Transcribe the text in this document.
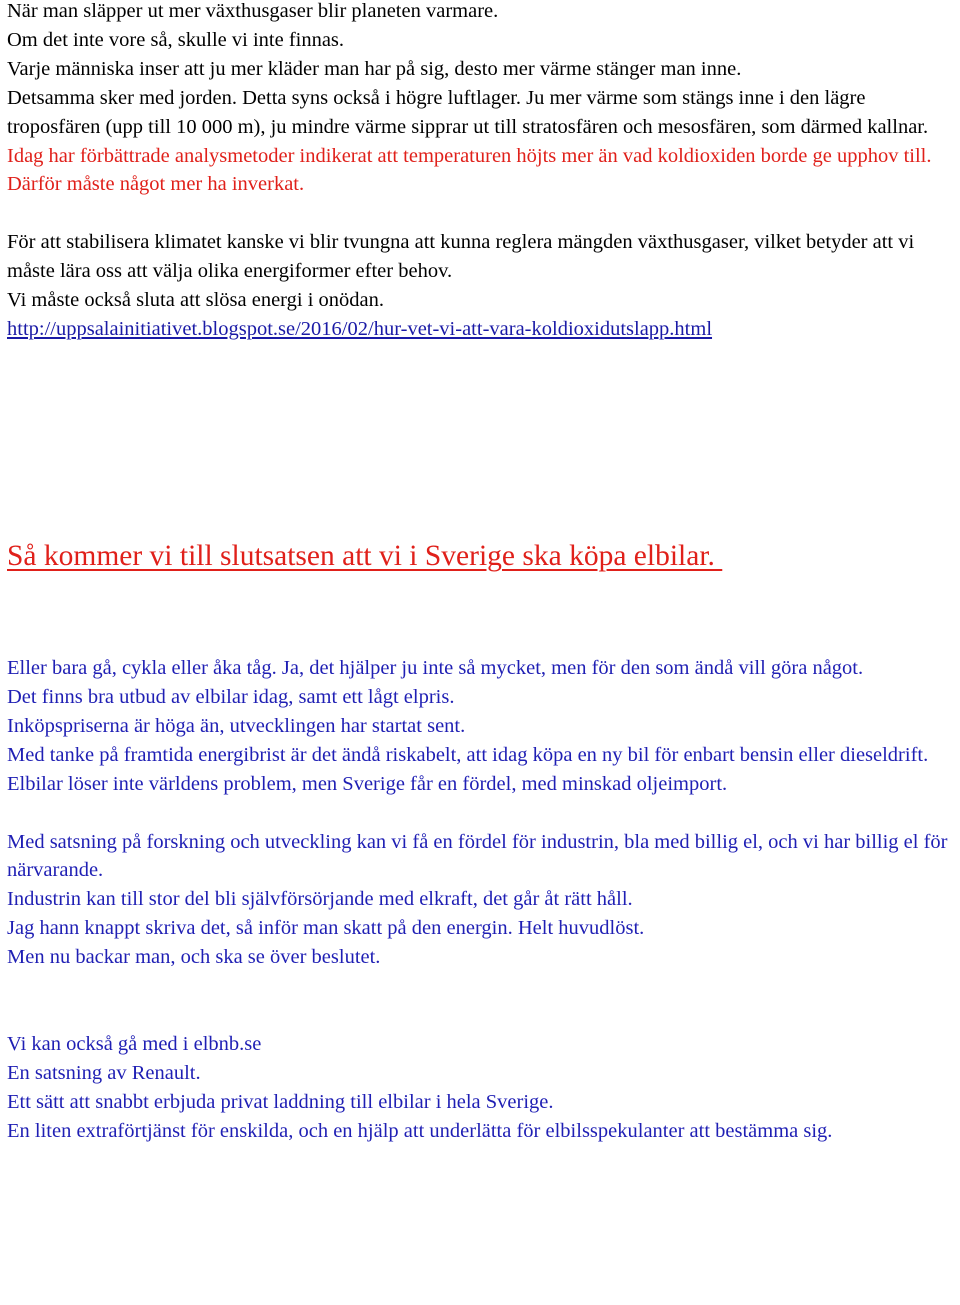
När man släpper ut mer växthusgaser blir planeten varmare.
Om det inte vore så, skulle vi inte finnas.
Varje människa inser att ju mer kläder man har på sig, desto mer värme stänger man inne.
Detsamma sker med jorden. Detta syns också i högre luftlager. Ju mer värme som stängs inne i den lägre troposfären (upp till 10 000 m), ju mindre värme sipprar ut till stratosfären och mesosfären, som därmed kallnar.
Idag har förbättrade analysmetoder indikerat att temperaturen höjts mer än vad koldioxiden borde ge upphov till.
Därför måste något mer ha inverkat.
För att stabilisera klimatet kanske vi blir tvungna att kunna reglera mängden växthusgaser, vilket betyder att vi måste lära oss att välja olika energiformer efter behov.
Vi måste också sluta att slösa energi i onödan.
http://uppsalainitiativet.blogspot.se/2016/02/hur-vet-vi-att-vara-koldioxidutslapp.html
Så kommer vi till slutsatsen att vi i Sverige ska köpa elbilar.
Eller bara gå, cykla eller åka tåg. Ja, det hjälper ju inte så mycket, men för den som ändå vill göra något.
Det finns bra utbud av elbilar idag, samt ett lågt elpris.
Inköpspriserna är höga än, utvecklingen har startat sent.
Med tanke på framtida energibrist är det ändå riskabelt, att idag köpa en ny bil för enbart bensin eller dieseldrift.
Elbilar löser inte världens problem, men Sverige får en fördel, med minskad oljeimport.
Med satsning på forskning och utveckling kan vi få en fördel för industrin, bla med billig el, och vi har billig el för närvarande.
Industrin kan till stor del bli självförsörjande med elkraft, det går åt rätt håll.
Jag hann knappt skriva det, så inför man skatt på den energin. Helt huvudlöst.
Men nu backar man, och ska se över beslutet.
Vi kan också gå med i elbnb.se
En satsning av Renault.
Ett sätt att snabbt erbjuda privat laddning till elbilar i hela Sverige.
En liten extraförtjänst för enskilda, och en hjälp att underlätta för elbilsspekulanter att bestämma sig.
